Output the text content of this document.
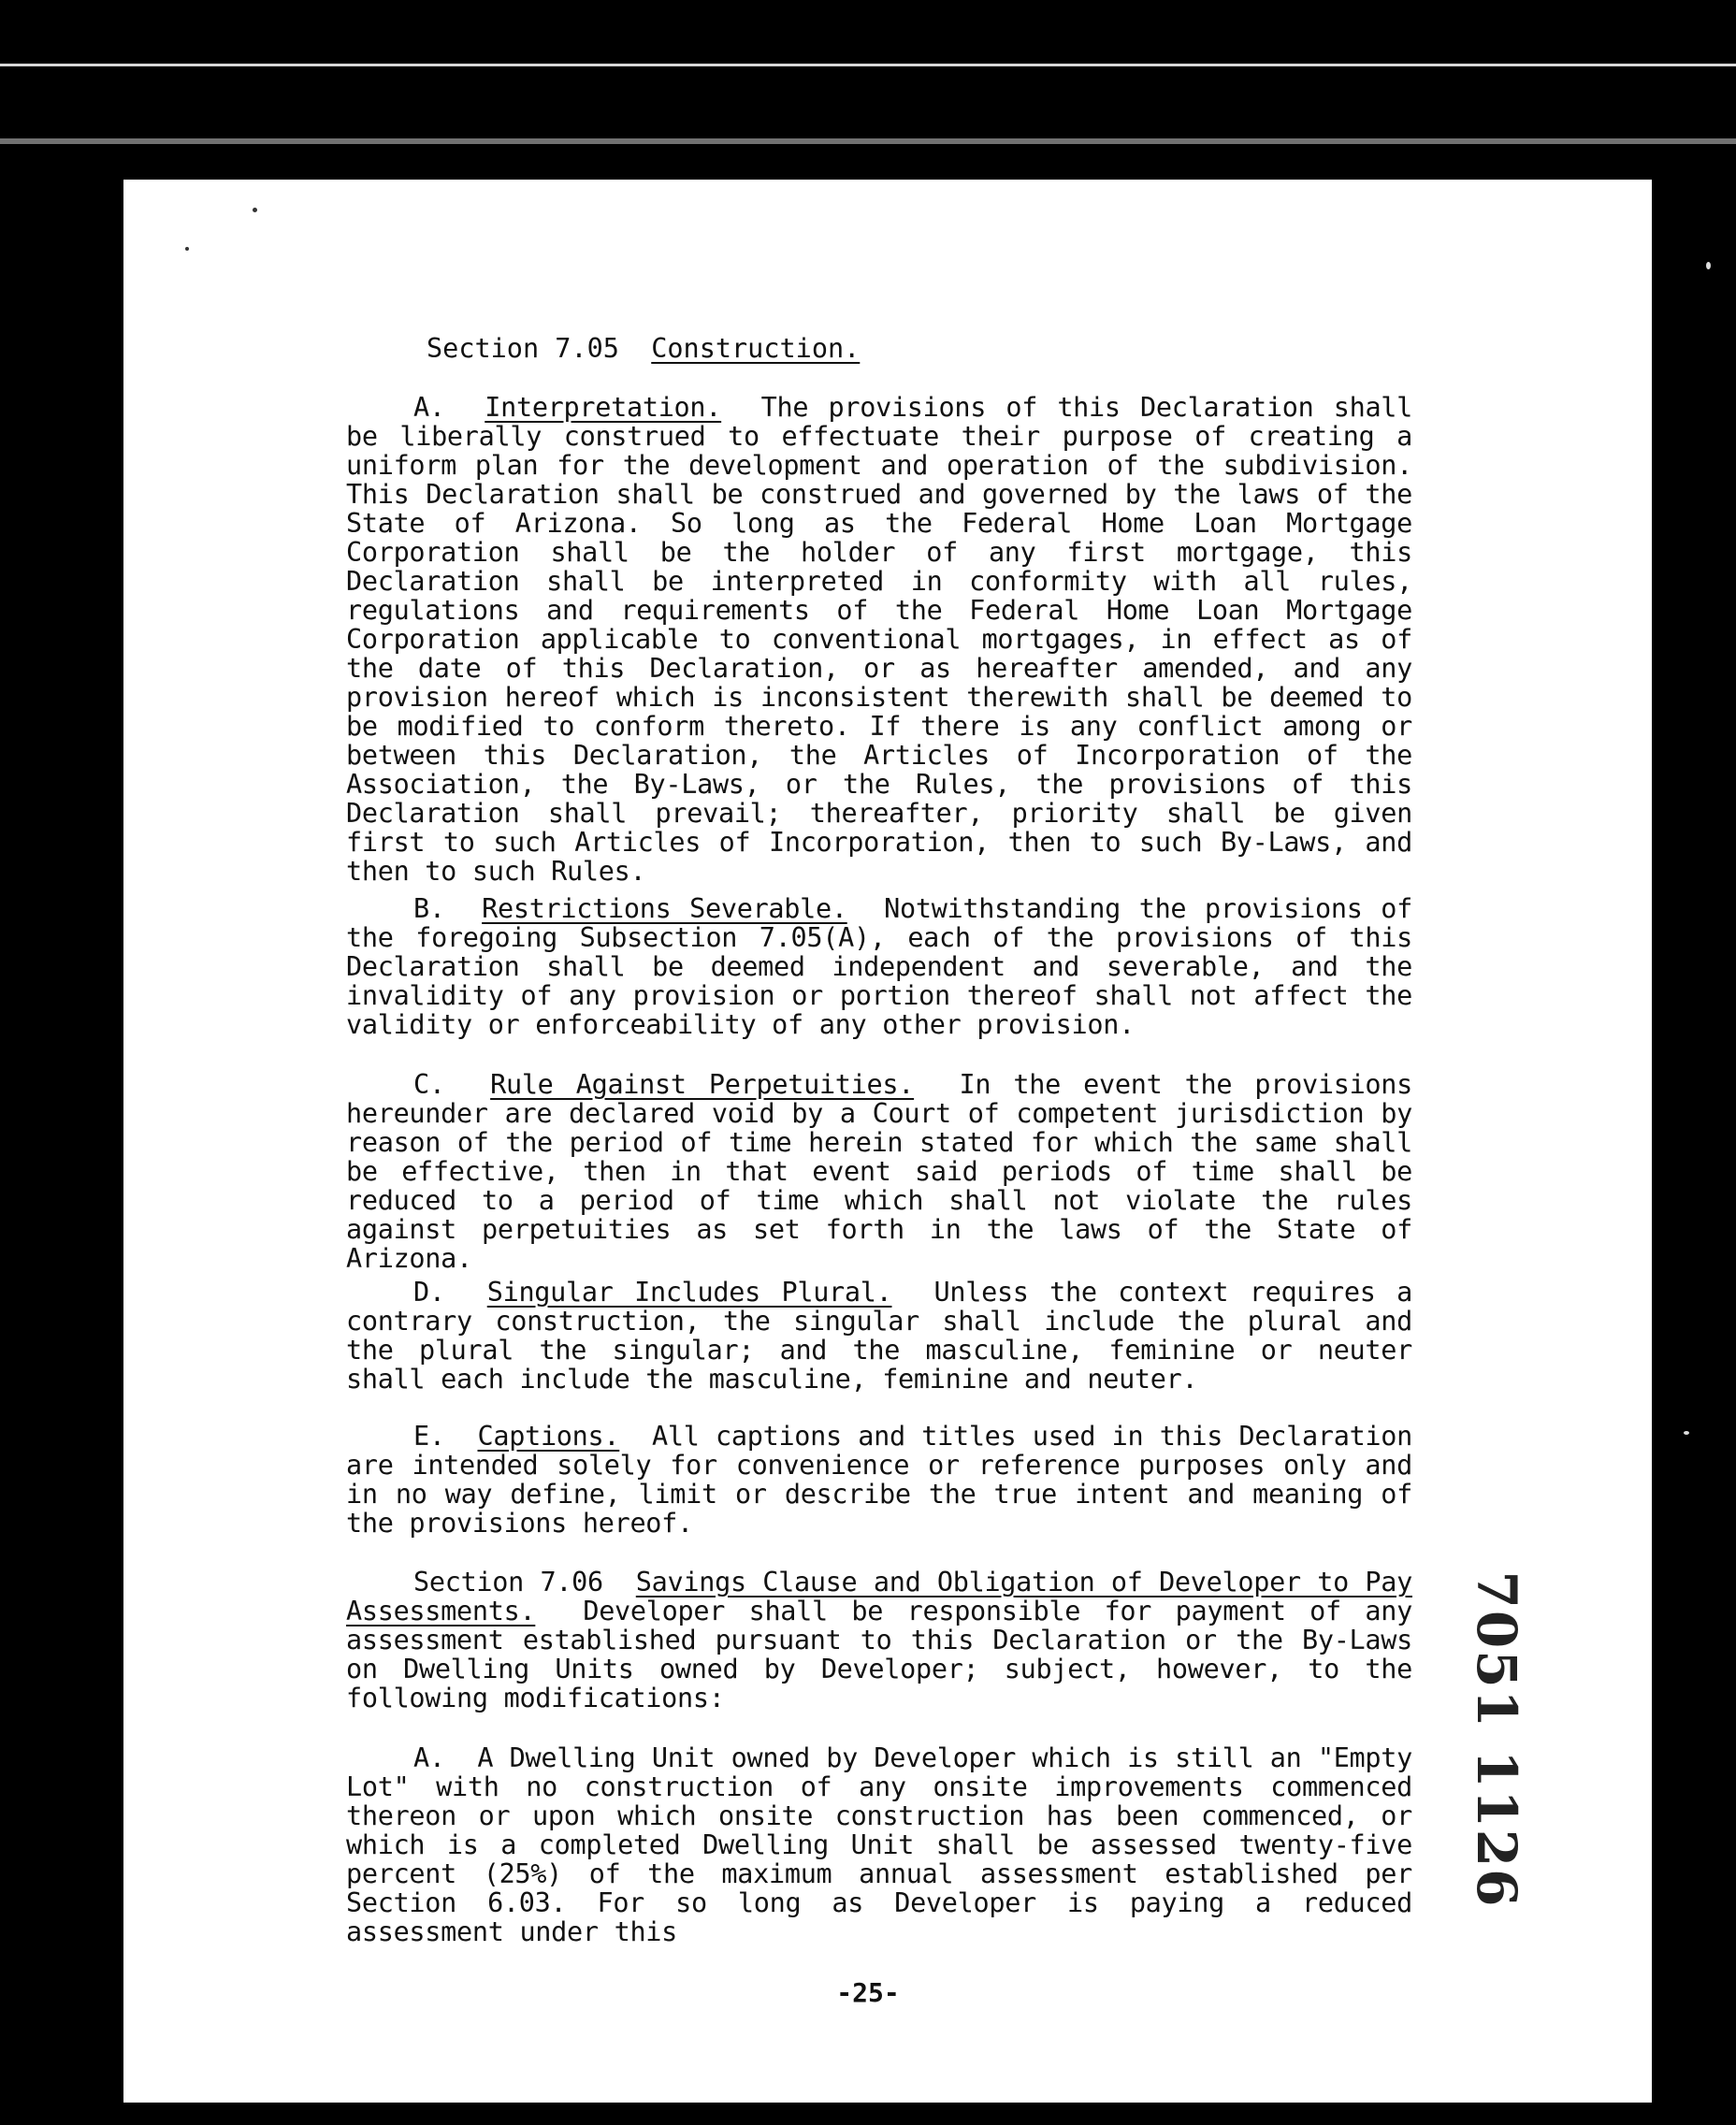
Section 7.05 Construction.

A. Interpretation. The provisions of this Declaration shall be liberally construed to effectuate their purpose of creating a uniform plan for the development and operation of the subdivision. This Declaration shall be construed and governed by the laws of the State of Arizona. So long as the Federal Home Loan Mortgage Corporation shall be the holder of any first mortgage, this Declaration shall be interpreted in conformity with all rules, regulations and requirements of the Federal Home Loan Mortgage Corporation applicable to conventional mortgages, in effect as of the date of this Declaration, or as hereafter amended, and any provision hereof which is inconsistent therewith shall be deemed to be modified to conform thereto. If there is any conflict among or between this Declaration, the Articles of Incorporation of the Association, the By-Laws, or the Rules, the provisions of this Declaration shall prevail; thereafter, priority shall be given first to such Articles of Incorporation, then to such By-Laws, and then to such Rules.

B. Restrictions Severable. Notwithstanding the provisions of the foregoing Subsection 7.05(A), each of the provisions of this Declaration shall be deemed independent and severable, and the invalidity of any provision or portion thereof shall not affect the validity or enforceability of any other provision.

C. Rule Against Perpetuities. In the event the provisions hereunder are declared void by a Court of competent jurisdiction by reason of the period of time herein stated for which the same shall be effective, then in that event said periods of time shall be reduced to a period of time which shall not violate the rules against perpetuities as set forth in the laws of the State of Arizona.

D. Singular Includes Plural. Unless the context requires a contrary construction, the singular shall include the plural and the plural the singular; and the masculine, feminine or neuter shall each include the masculine, feminine and neuter.

E. Captions. All captions and titles used in this Declaration are intended solely for convenience or reference purposes only and in no way define, limit or describe the true intent and meaning of the provisions hereof.

Section 7.06 Savings Clause and Obligation of Developer to Pay Assessments. Developer shall be responsible for payment of any assessment established pursuant to this Declaration or the By-Laws on Dwelling Units owned by Developer; subject, however, to the following modifications:

A. A Dwelling Unit owned by Developer which is still an "Empty Lot" with no construction of any onsite improvements commenced thereon or upon which onsite construction has been commenced, or which is a completed Dwelling Unit shall be assessed twenty-five percent (25%) of the maximum annual assessment established per Section 6.03. For so long as Developer is paying a reduced assessment under this

-25-
7051 1126
